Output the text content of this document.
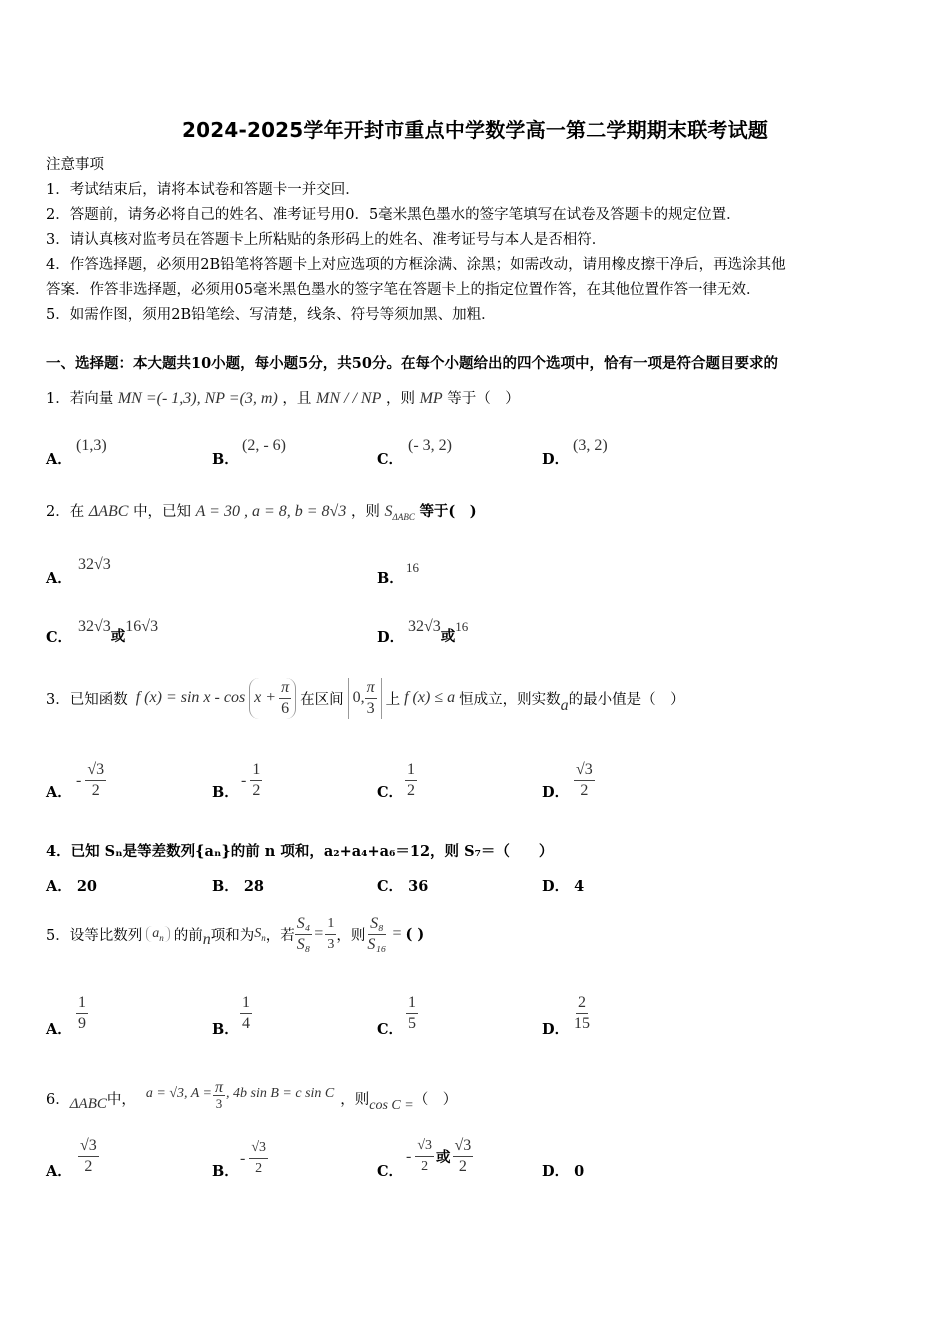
2024-2025学年开封市重点中学数学高一第二学期期末联考试题
注意事项
1．考试结束后，请将本试卷和答题卡一并交回．
2．答题前，请务必将自己的姓名、准考证号用0．5毫米黑色墨水的签字笔填写在试卷及答题卡的规定位置．
3．请认真核对监考员在答题卡上所粘贴的条形码上的姓名、准考证号与本人是否相符．
4．作答选择题，必须用2B铅笔将答题卡上对应选项的方框涂满、涂黑；如需改动，请用橡皮擦干净后，再选涂其他
答案．作答非选择题，必须用05毫米黑色墨水的签字笔在答题卡上的指定位置作答，在其他位置作答一律无效．
5．如需作图，须用2B铅笔绘、写清楚，线条、符号等须加黑、加粗．
一、选择题：本大题共10小题，每小题5分，共50分。在每个小题给出的四个选项中，恰有一项是符合题目要求的
1．若向量 MN =(- 1,3), NP =(3, m) ，且 MN / / NP ，则 MP 等于（　）
A．
(1,3)
B．
(2, - 6)
C．
(- 3, 2)
D．
(3, 2)
2．在 ΔABC 中，已知 A = 30 , a = 8, b = 8√3 ，则 $S_{\Delta ABC}$ 等于(　)
A．
32√3
B．
16
C．
32√3或16√3
D．
32√3或16
3．已知函数 f $(x) = \sin x - \cos x + \frac{\pi}{6}$ 在区间 0, $\frac{\pi}{3}$ 上 f (x) ≤ a 恒成立，则实数 a 的最小值是（　）
A．
- $\frac{√3}{2}$	B．
- $\frac{1}{2}$	C． $\frac{1}{2}$	D． $\frac{√3}{2}$
4．已知 Sₙ是等差数列{aₙ}的前 n 项和，a₂+a₄+a₆＝12，则 S₇＝（　　）
A． 20	B． 28	C． 36	D． 4
5．设等比数列 $a_n$ 的前 n 项和为 $S_n$ ，若 $\frac{\text{S₄}}{\text{S₈}} = \frac{1}{3}$ ，则 $\frac{\text{S₈}}{\text{S₁₆}}$ = ( )
A． $\frac{1}{9}$	B． $\frac{1}{4}$	C． $\frac{1}{5}$	D． $\frac{2}{15}$
6． ΔABC 中， a = √3, $A = \frac{\pi}{3}$ , 4b sin B = c sin C ，则 cos C = （　）
A． $\frac{√3}{2}$	B．
- $\frac{√3}{2}$	C．
- $\frac{√3}{2}$ 或 $\frac{√3}{2}$	D． 0
